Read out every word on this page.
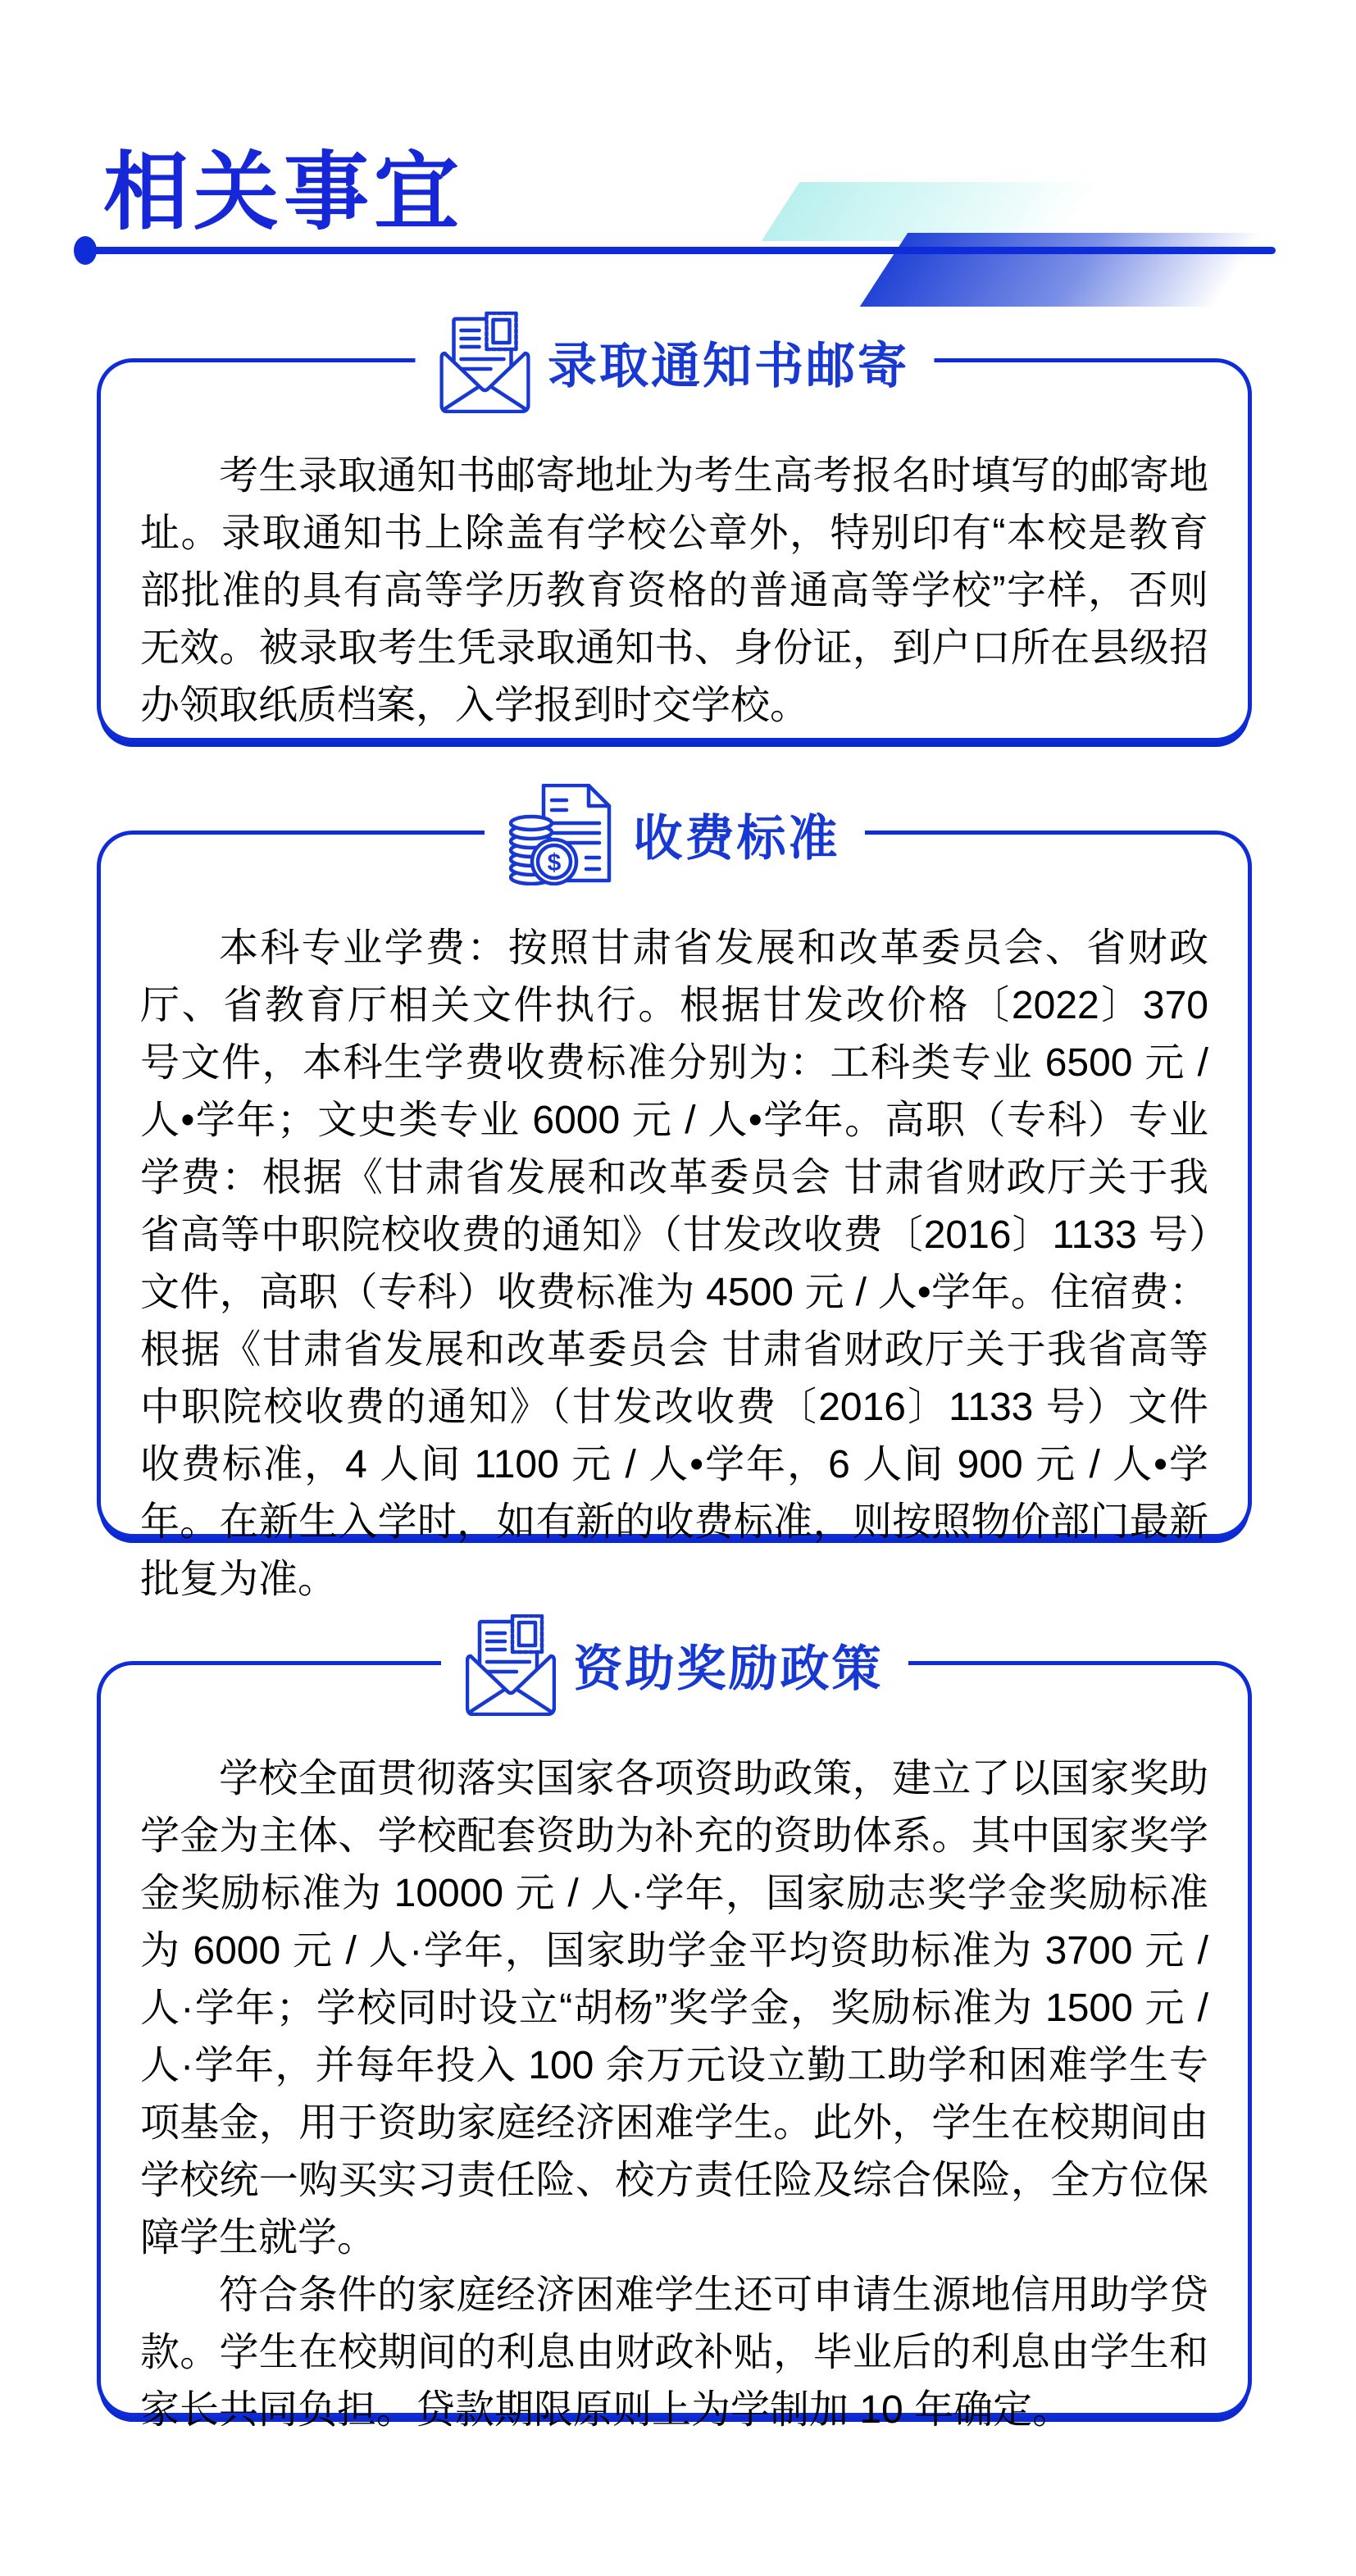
相关事宜
录取通知书邮寄

考生录取通知书邮寄地址为考生高考报名时填写的邮寄地址。录取通知书上除盖有学校公章外，特别印有“本校是教育部批准的具有高等学历教育资格的普通高等学校”字样，否则无效。被录取考生凭录取通知书、身份证，到户口所在县级招办领取纸质档案，入学报到时交学校。

$ 收费标准

本科专业学费：按照甘肃省发展和改革委员会、省财政厅、省教育厅相关文件执行。根据甘发改价格〔2022〕370 号文件，本科生学费收费标准分别为：工科类专业 6500 元 / 人•学年；文史类专业 6000 元 / 人•学年。高职（专科）专业学费：根据《甘肃省发展和改革委员会 甘肃省财政厅关于我省高等中职院校收费的通知》（甘发改收费〔2016〕1133 号）文件，高职（专科）收费标准为 4500 元 / 人•学年。住宿费：根据《甘肃省发展和改革委员会 甘肃省财政厅关于我省高等中职院校收费的通知》（甘发改收费〔2016〕1133 号）文件收费标准，4 人间 1100 元 / 人•学年，6 人间 900 元 / 人•学年。在新生入学时，如有新的收费标准，则按照物价部门最新批复为准。

资助奖励政策

学校全面贯彻落实国家各项资助政策，建立了以国家奖助学金为主体、学校配套资助为补充的资助体系。其中国家奖学金奖励标准为 10000 元 / 人·学年，国家励志奖学金奖励标准为 6000 元 / 人·学年，国家助学金平均资助标准为 3700 元 / 人·学年；学校同时设立“胡杨”奖学金，奖励标准为 1500 元 / 人·学年，并每年投入 100 余万元设立勤工助学和困难学生专项基金，用于资助家庭经济困难学生。此外，学生在校期间由学校统一购买实习责任险、校方责任险及综合保险，全方位保障学生就学。

符合条件的家庭经济困难学生还可申请生源地信用助学贷款。学生在校期间的利息由财政补贴，毕业后的利息由学生和家长共同负担。贷款期限原则上为学制加 10 年确定。
